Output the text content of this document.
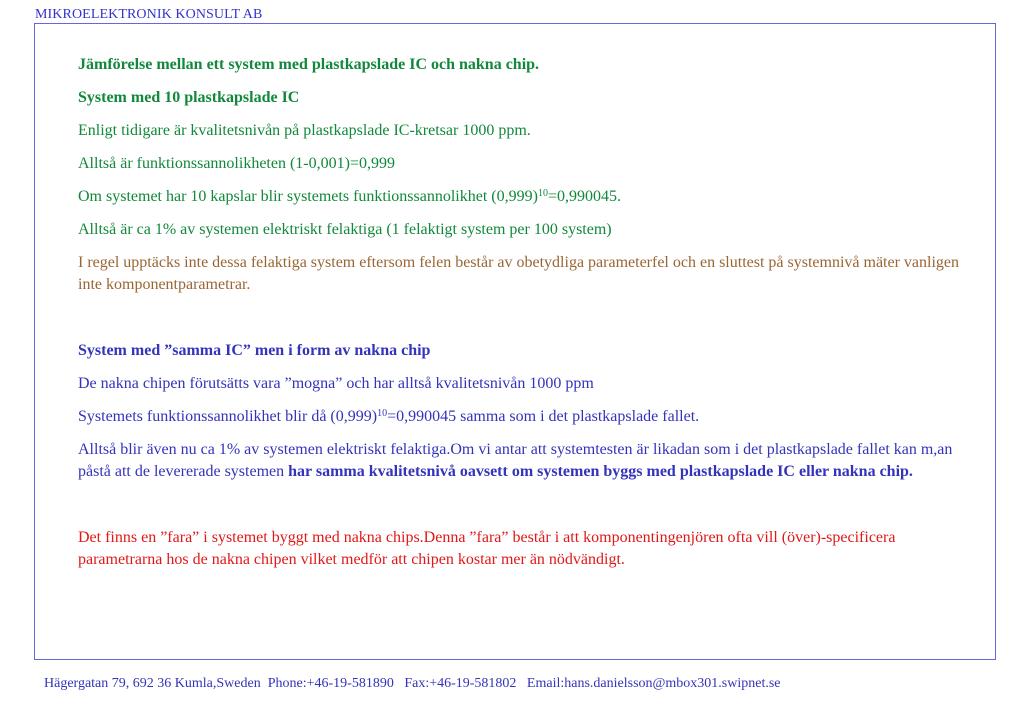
MIKROELEKTRONIK KONSULT AB

Jämförelse mellan ett system med plastkapslade IC och nakna chip.

System med 10 plastkapslade IC

Enligt tidigare är kvalitetsnivån på plastkapslade IC-kretsar 1000 ppm.

Alltså är funktionssannolikheten (1-0,001)=0,999

Om systemet har 10 kapslar blir systemets funktionssannolikhet $(0,999)^{10}=0,990045$.

Alltså är ca 1% av systemen elektriskt felaktiga (1 felaktigt system per 100 system)

I regel upptäcks inte dessa felaktiga system eftersom felen består av obetydliga parameterfel och en sluttest på systemnivå mäter vanligen inte komponentparametrar.

System med ”samma IC” men i form av nakna chip

De nakna chipen förutsätts vara ”mogna” och har alltså kvalitetsnivån 1000 ppm

Systemets funktionssannolikhet blir då $(0,999)^{10}=0,990045$ samma som i det plastkapslade fallet.

Alltså blir även nu ca 1% av systemen elektriskt felaktiga.Om vi antar att systemtesten är likadan som i det plastkapslade fallet kan m,an påstå att de levererade systemen har samma kvalitetsnivå oavsett om systemen byggs med plastkapslade IC eller nakna chip.

Det finns en ”fara” i systemet byggt med nakna chips.Denna ”fara” består i att komponentingenjören ofta vill (över)-specificera parametrarna hos de nakna chipen vilket medför att chipen kostar mer än nödvändigt.

Hägergatan 79, 692 36 Kumla,Sweden Phone:+46-19-581890 Fax:+46-19-581802 Email:hans.danielsson@mbox301.swipnet.se
